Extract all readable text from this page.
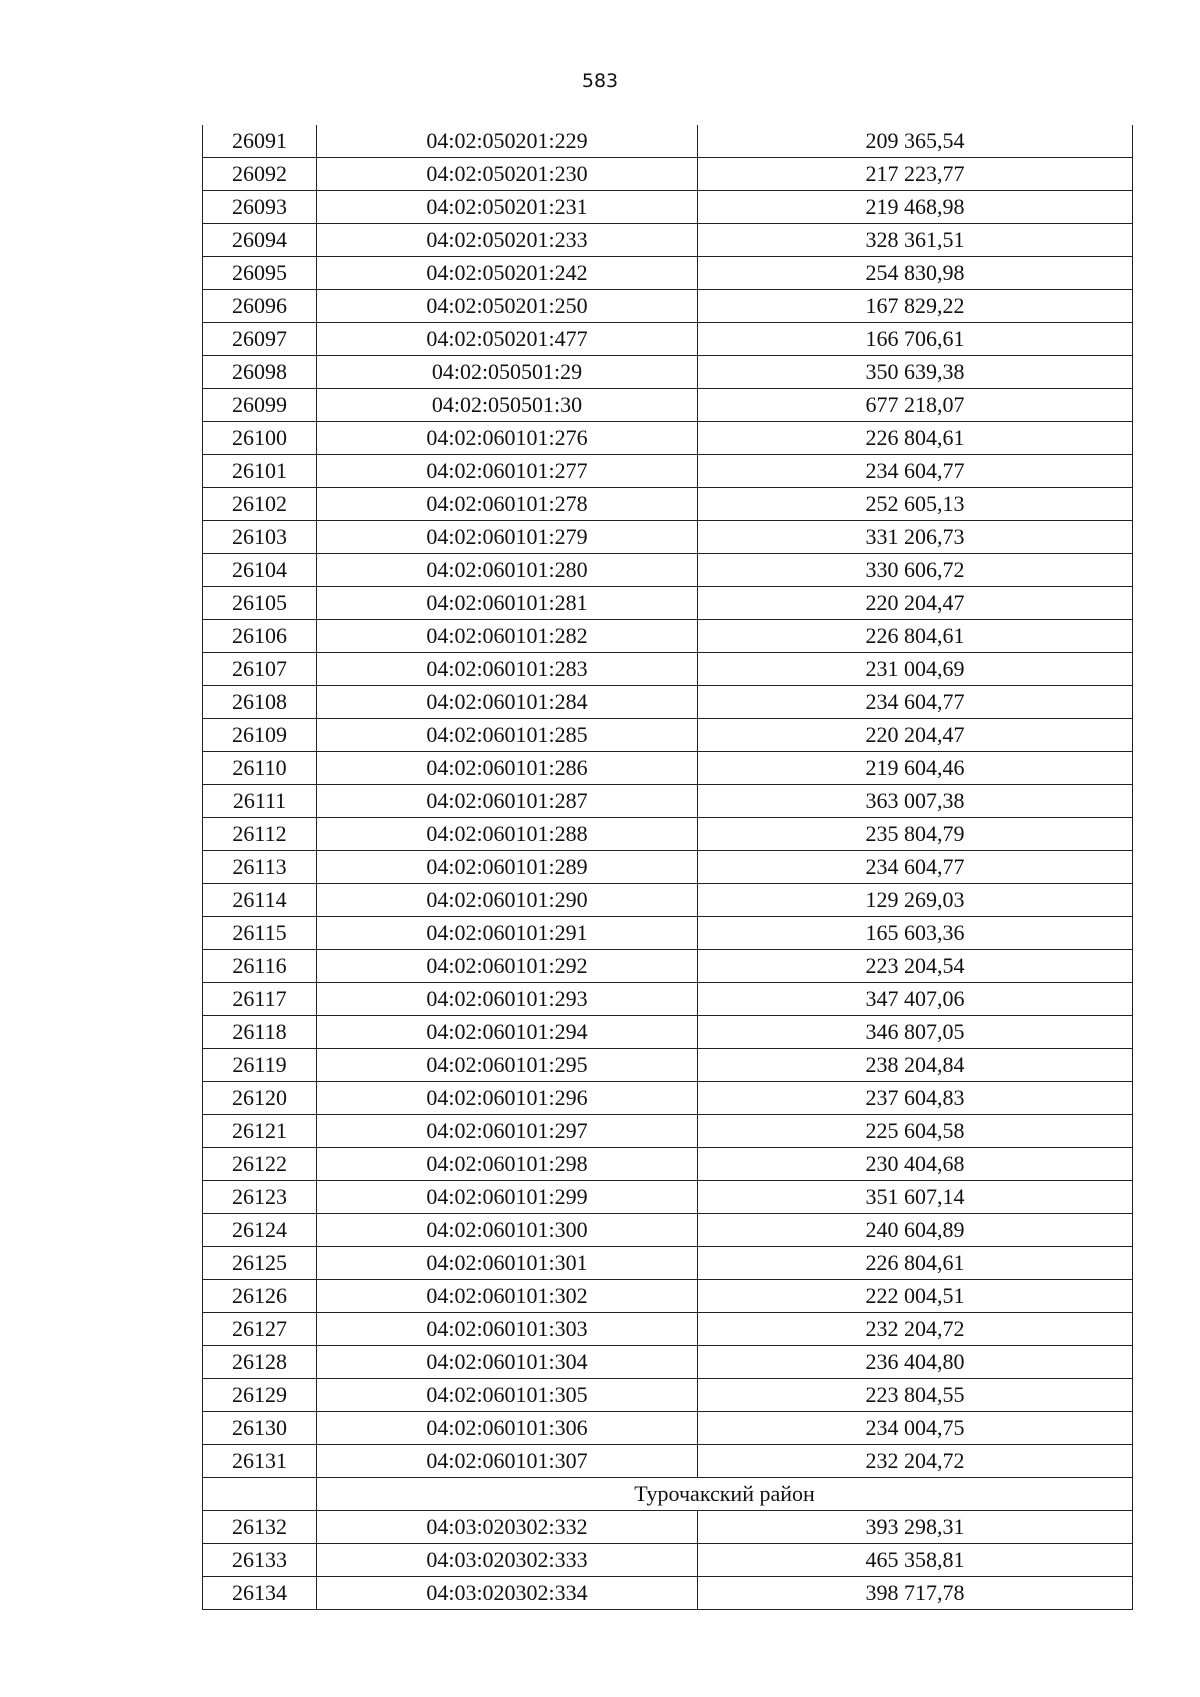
583
26091	04:02:050201:229	209 365,54
26092	04:02:050201:230	217 223,77
26093	04:02:050201:231	219 468,98
26094	04:02:050201:233	328 361,51
26095	04:02:050201:242	254 830,98
26096	04:02:050201:250	167 829,22
26097	04:02:050201:477	166 706,61
26098	04:02:050501:29	350 639,38
26099	04:02:050501:30	677 218,07
26100	04:02:060101:276	226 804,61
26101	04:02:060101:277	234 604,77
26102	04:02:060101:278	252 605,13
26103	04:02:060101:279	331 206,73
26104	04:02:060101:280	330 606,72
26105	04:02:060101:281	220 204,47
26106	04:02:060101:282	226 804,61
26107	04:02:060101:283	231 004,69
26108	04:02:060101:284	234 604,77
26109	04:02:060101:285	220 204,47
26110	04:02:060101:286	219 604,46
26111	04:02:060101:287	363 007,38
26112	04:02:060101:288	235 804,79
26113	04:02:060101:289	234 604,77
26114	04:02:060101:290	129 269,03
26115	04:02:060101:291	165 603,36
26116	04:02:060101:292	223 204,54
26117	04:02:060101:293	347 407,06
26118	04:02:060101:294	346 807,05
26119	04:02:060101:295	238 204,84
26120	04:02:060101:296	237 604,83
26121	04:02:060101:297	225 604,58
26122	04:02:060101:298	230 404,68
26123	04:02:060101:299	351 607,14
26124	04:02:060101:300	240 604,89
26125	04:02:060101:301	226 804,61
26126	04:02:060101:302	222 004,51
26127	04:02:060101:303	232 204,72
26128	04:02:060101:304	236 404,80
26129	04:02:060101:305	223 804,55
26130	04:02:060101:306	234 004,75
26131	04:02:060101:307	232 204,72
	Турочакский район	
26132	04:03:020302:332	393 298,31
26133	04:03:020302:333	465 358,81
26134	04:03:020302:334	398 717,78
